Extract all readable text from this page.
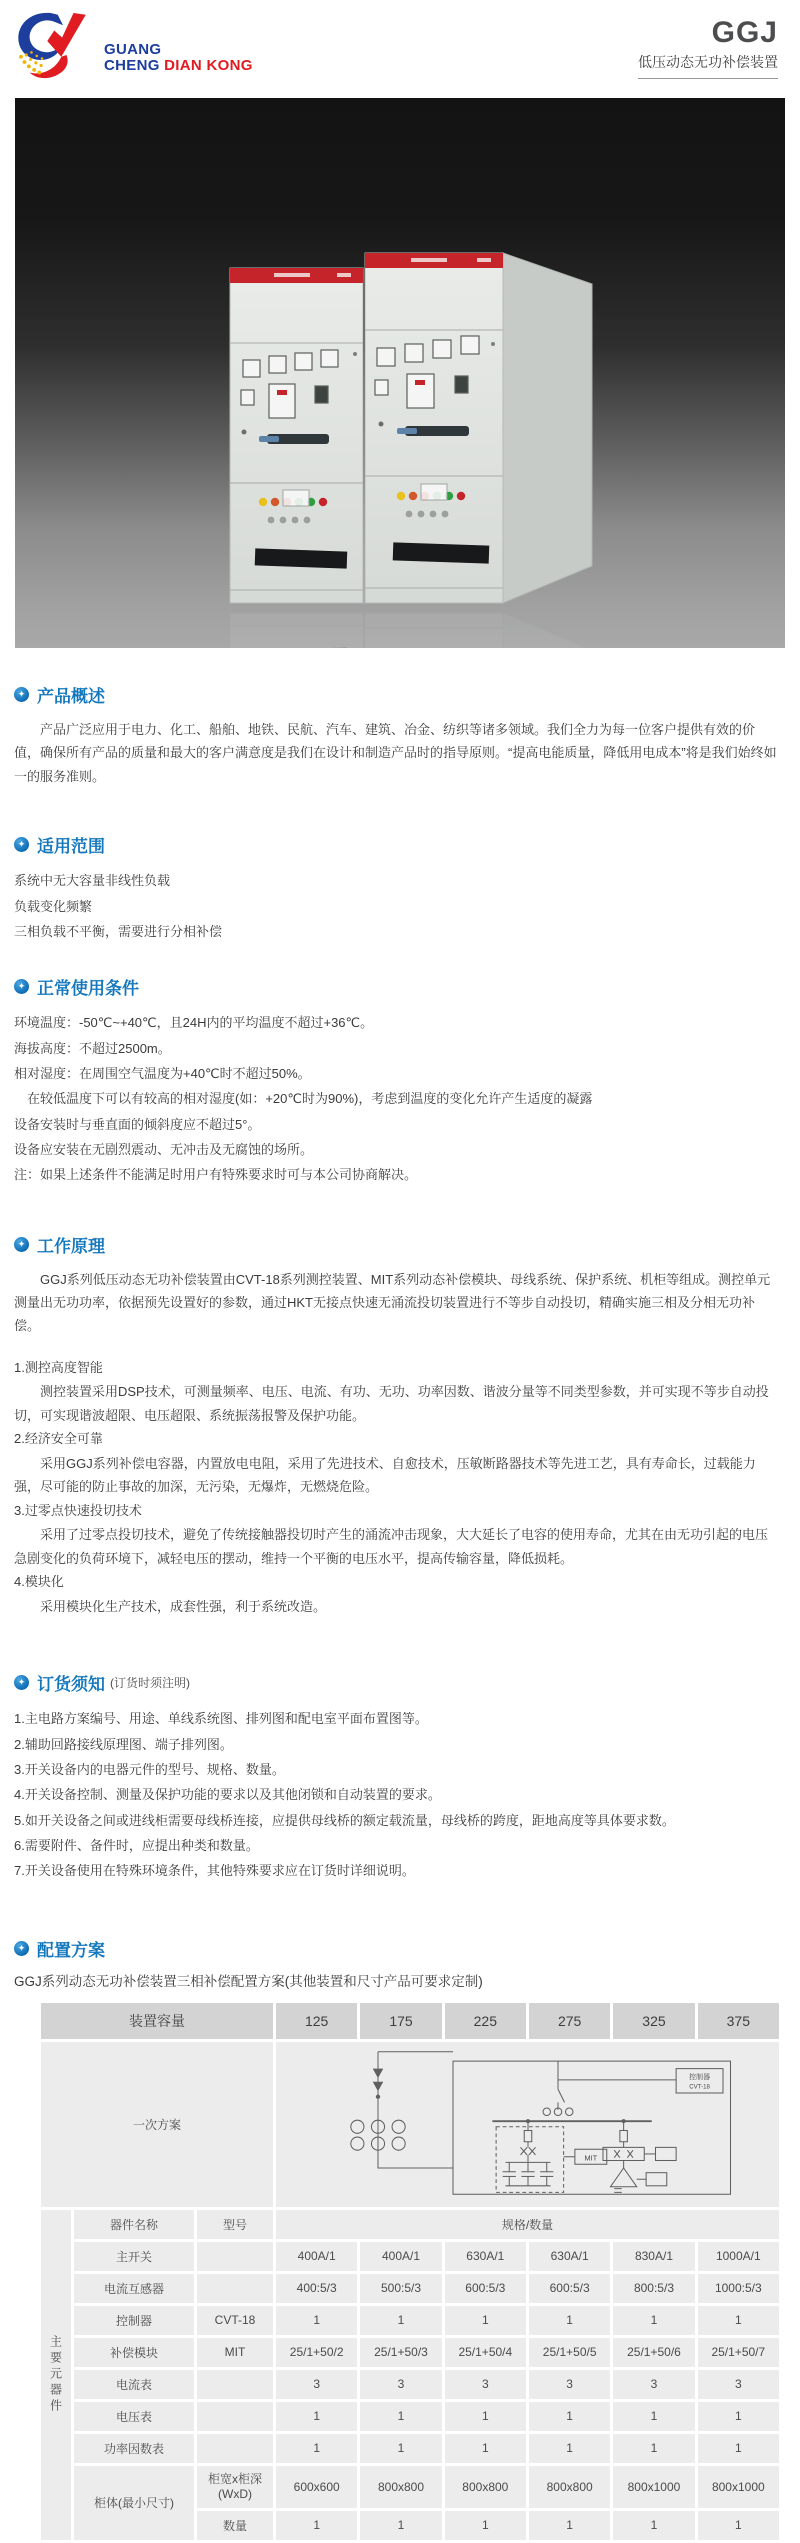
GUANG
CHENG DIAN KONG
GGJ
低压动态无功补偿装置
✦ 产品概述
产品广泛应用于电力、化工、船舶、地铁、民航、汽车、建筑、冶金、纺织等诸多领域。我们全力为每一位客户提供有效的价值，确保所有产品的质量和最大的客户满意度是我们在设计和制造产品时的指导原则。“提高电能质量，降低用电成本”将是我们始终如一的服务准则。
✦ 适用范围
系统中无大容量非线性负载
负载变化频繁
三相负载不平衡，需要进行分相补偿
✦ 正常使用条件
环境温度：-50℃~+40℃，且24H内的平均温度不超过+36℃。
海拔高度：不超过2500m。
相对湿度：在周围空气温度为+40℃时不超过50%。
　在较低温度下可以有较高的相对湿度(如：+20℃时为90%)，考虑到温度的变化允许产生适度的凝露
设备安装时与垂直面的倾斜度应不超过5°。
设备应安装在无剧烈震动、无冲击及无腐蚀的场所。
注：如果上述条件不能满足时用户有特殊要求时可与本公司协商解决。
✦ 工作原理
GGJ系列低压动态无功补偿装置由CVT-18系列测控装置、MIT系列动态补偿模块、母线系统、保护系统、机柜等组成。测控单元测量出无功功率，依据预先设置好的参数，通过HKT无接点快速无涌流投切装置进行不等步自动投切，精确实施三相及分相无功补偿。
1.测控高度智能
测控装置采用DSP技术，可测量频率、电压、电流、有功、无功、功率因数、谐波分量等不同类型参数，并可实现不等步自动投切，可实现谐波超限、电压超限、系统振荡报警及保护功能。
2.经济安全可靠
采用GGJ系列补偿电容器，内置放电电阻，采用了先进技术、自愈技术，压敏断路器技术等先进工艺，具有寿命长，过载能力强，尽可能的防止事故的加深，无污染，无爆炸，无燃烧危险。
3.过零点快速投切技术
采用了过零点投切技术，避免了传统接触器投切时产生的涌流冲击现象，大大延长了电容的使用寿命，尤其在由无功引起的电压急剧变化的负荷环境下，减轻电压的摆动，维持一个平衡的电压水平，提高传输容量，降低损耗。
4.模块化
采用模块化生产技术，成套性强，利于系统改造。
✦ 订货须知 (订货时须注明)
1.主电路方案编号、用途、单线系统图、排列图和配电室平面布置图等。
2.辅助回路接线原理图、端子排列图。
3.开关设备内的电器元件的型号、规格、数量。
4.开关设备控制、测量及保护功能的要求以及其他闭锁和自动装置的要求。
5.如开关设备之间或进线柜需要母线桥连接，应提供母线桥的额定载流量，母线桥的跨度，距地高度等具体要求数。
6.需要附件、备件时，应提出种类和数量。
7.开关设备使用在特殊环境条件，其他特殊要求应在订货时详细说明。
✦ 配置方案
GGJ系列动态无功补偿装置三相补偿配置方案(其他装置和尺寸产品可要求定制)
装置容量			125	175	225	275	325	375
一次方案			控制器
CVT-18
MIT					

主要元器件	器件名称	型号	规格/数量					
	主开关		400A/1	400A/1	630A/1	630A/1	830A/1	1000A/1
	电流互感器		400:5/3	500:5/3	600:5/3	600:5/3	800:5/3	1000:5/3
	控制器	CVT-18	1	1	1	1	1	1
	补偿模块	MIT	25/1+50/2	25/1+50/3	25/1+50/4	25/1+50/5	25/1+50/6	25/1+50/7
	电流表		3	3	3	3	3	3
	电压表		1	1	1	1	1	1
	功率因数表		1	1	1	1	1	1
	柜体(最小尺寸)	柜宽x柜深
(WxD)	600x600	800x800	800x800	800x800	800x1000	800x1000
		数量	1	1	1	1	1	1
